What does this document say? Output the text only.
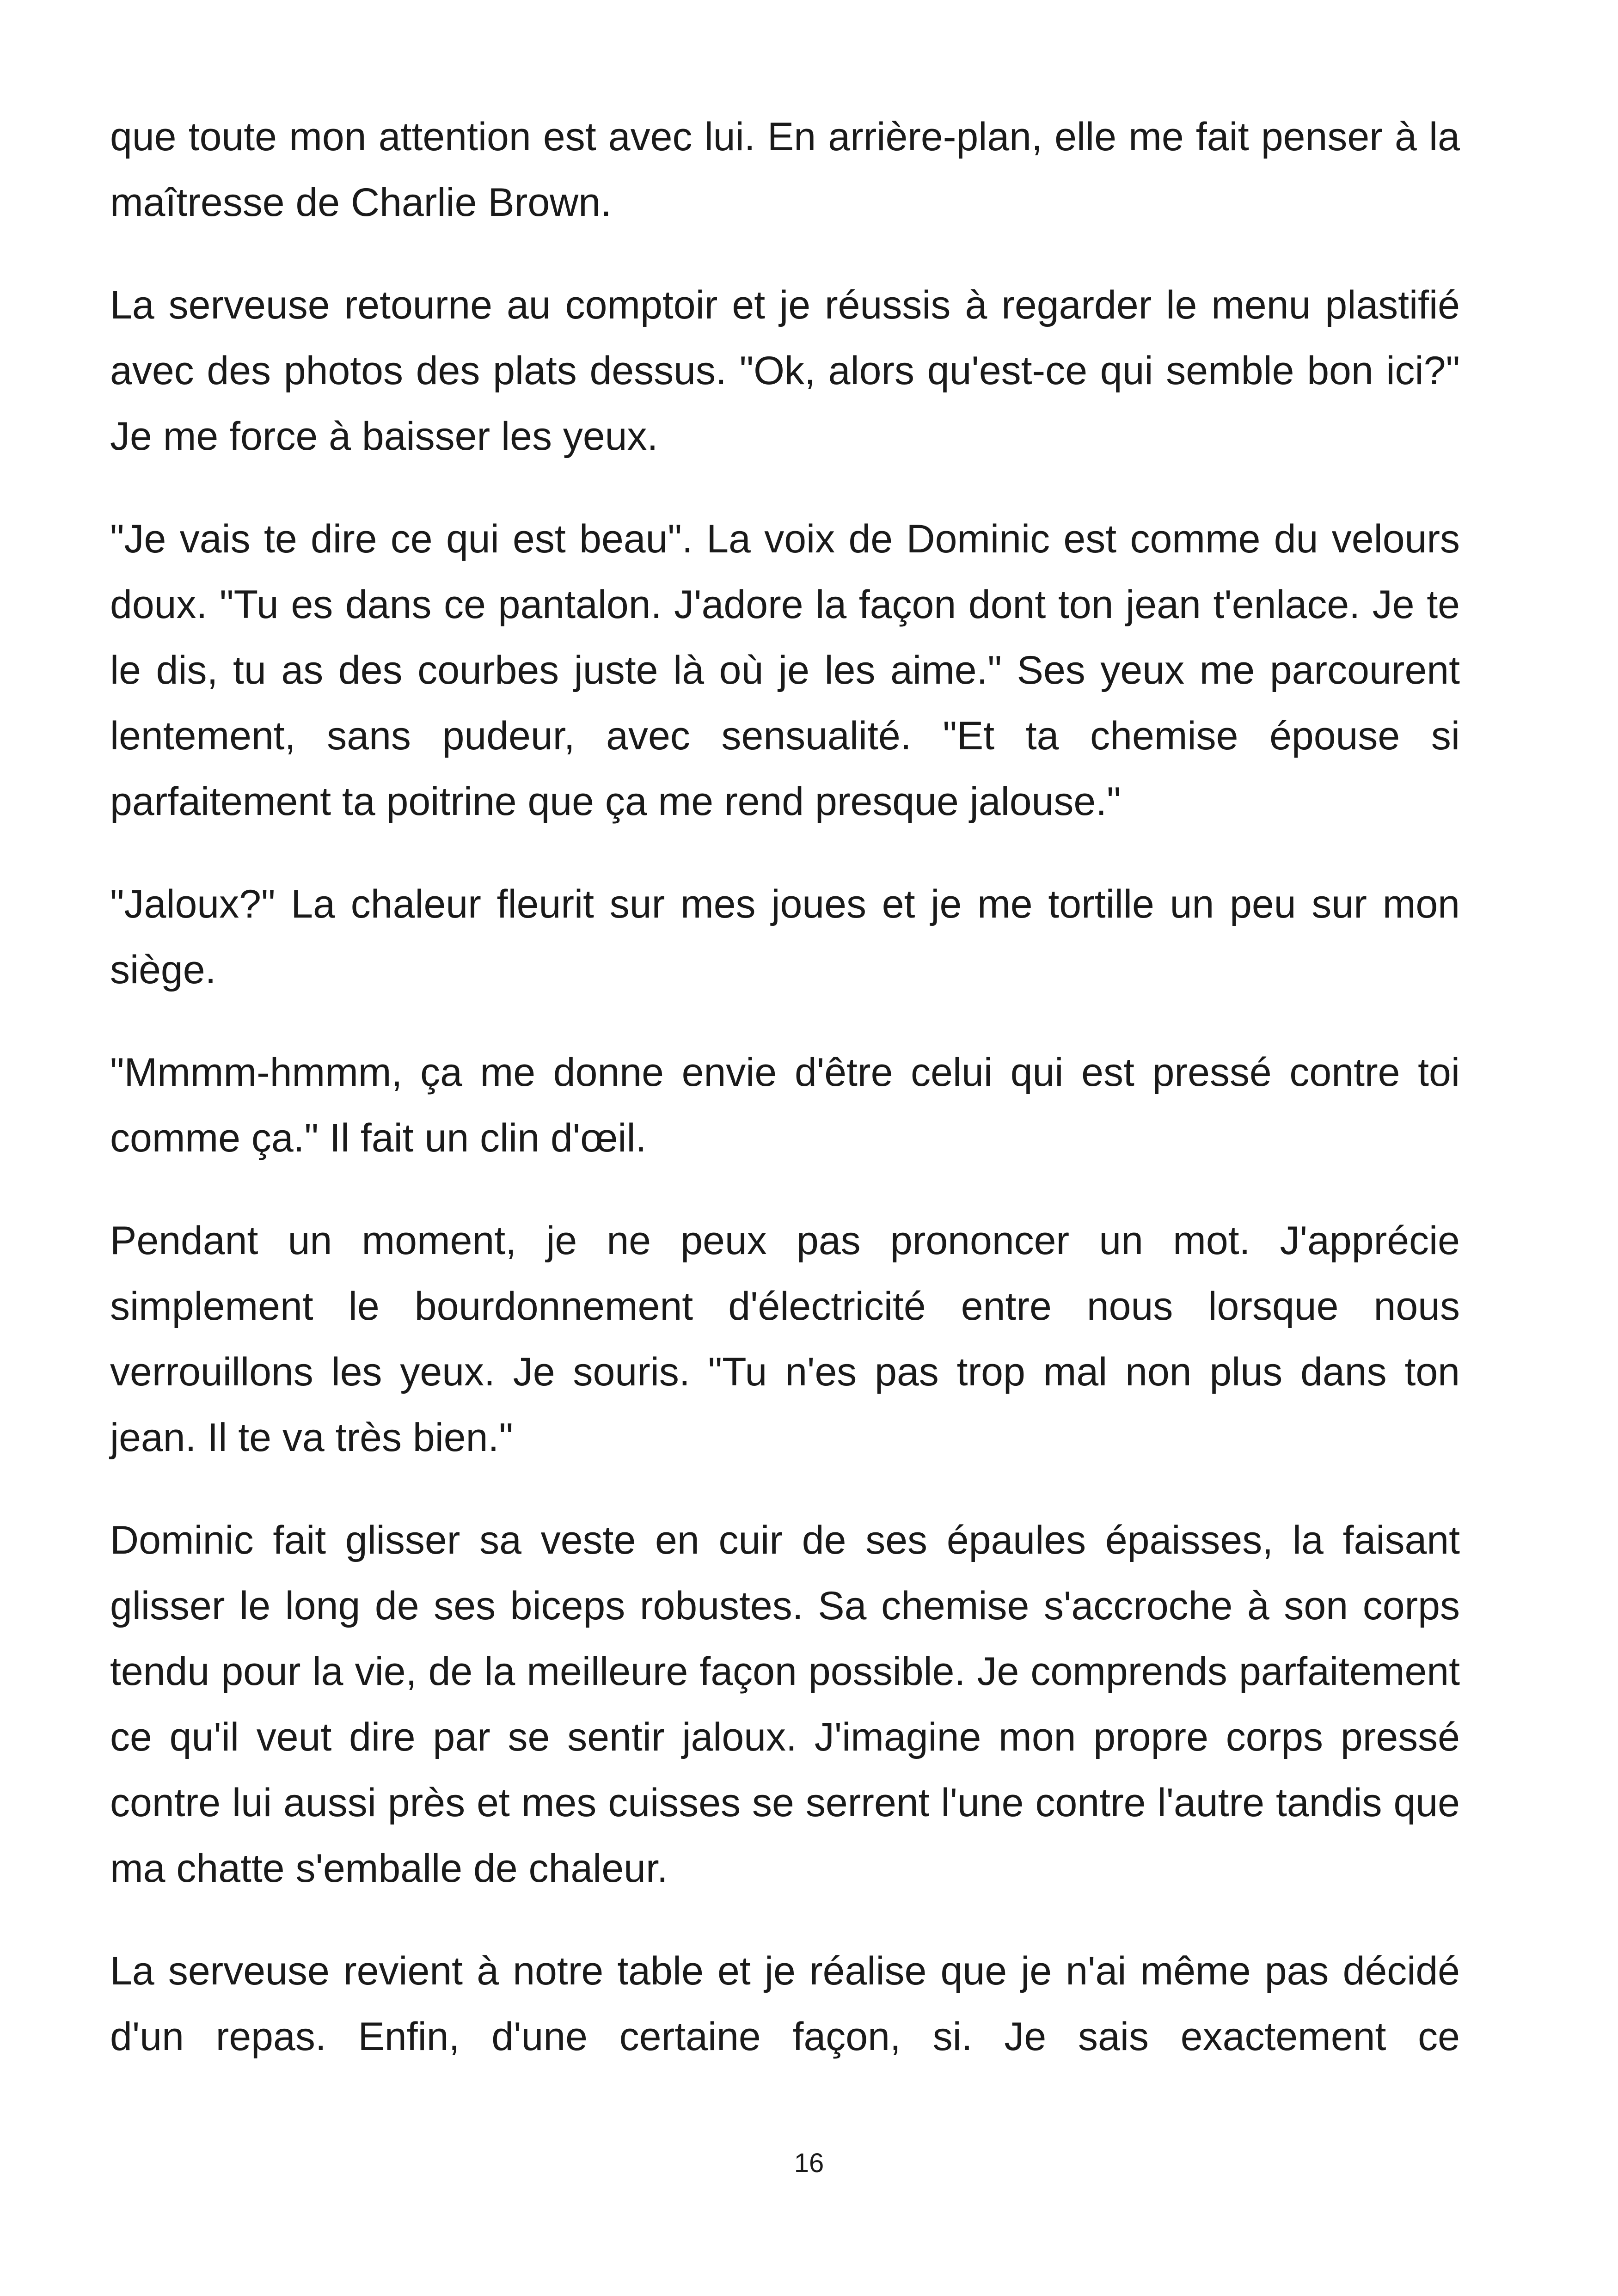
que toute mon attention est avec lui. En arrière-plan, elle me fait penser à la maîtresse de Charlie Brown.

La serveuse retourne au comptoir et je réussis à regarder le menu plastifié avec des photos des plats dessus. "Ok, alors qu'est-ce qui semble bon ici?" Je me force à baisser les yeux.

"Je vais te dire ce qui est beau". La voix de Dominic est comme du velours doux. "Tu es dans ce pantalon. J'adore la façon dont ton jean t'enlace. Je te le dis, tu as des courbes juste là où je les aime." Ses yeux me parcourent lentement, sans pudeur, avec sensualité. "Et ta chemise épouse si parfaitement ta poitrine que ça me rend presque jalouse."

"Jaloux?" La chaleur fleurit sur mes joues et je me tortille un peu sur mon siège.

"Mmmm-hmmm, ça me donne envie d'être celui qui est pressé contre toi comme ça." Il fait un clin d'œil.

Pendant un moment, je ne peux pas prononcer un mot. J'apprécie simplement le bourdonnement d'électricité entre nous lorsque nous verrouillons les yeux. Je souris. "Tu n'es pas trop mal non plus dans ton jean. Il te va très bien."

Dominic fait glisser sa veste en cuir de ses épaules épaisses, la faisant glisser le long de ses biceps robustes. Sa chemise s'accroche à son corps tendu pour la vie, de la meilleure façon possible. Je comprends parfaitement ce qu'il veut dire par se sentir jaloux. J'imagine mon propre corps pressé contre lui aussi près et mes cuisses se serrent l'une contre l'autre tandis que ma chatte s'emballe de chaleur.

La serveuse revient à notre table et je réalise que je n'ai même pas décidé d'un repas. Enfin, d'une certaine façon, si. Je sais exactement ce

16
